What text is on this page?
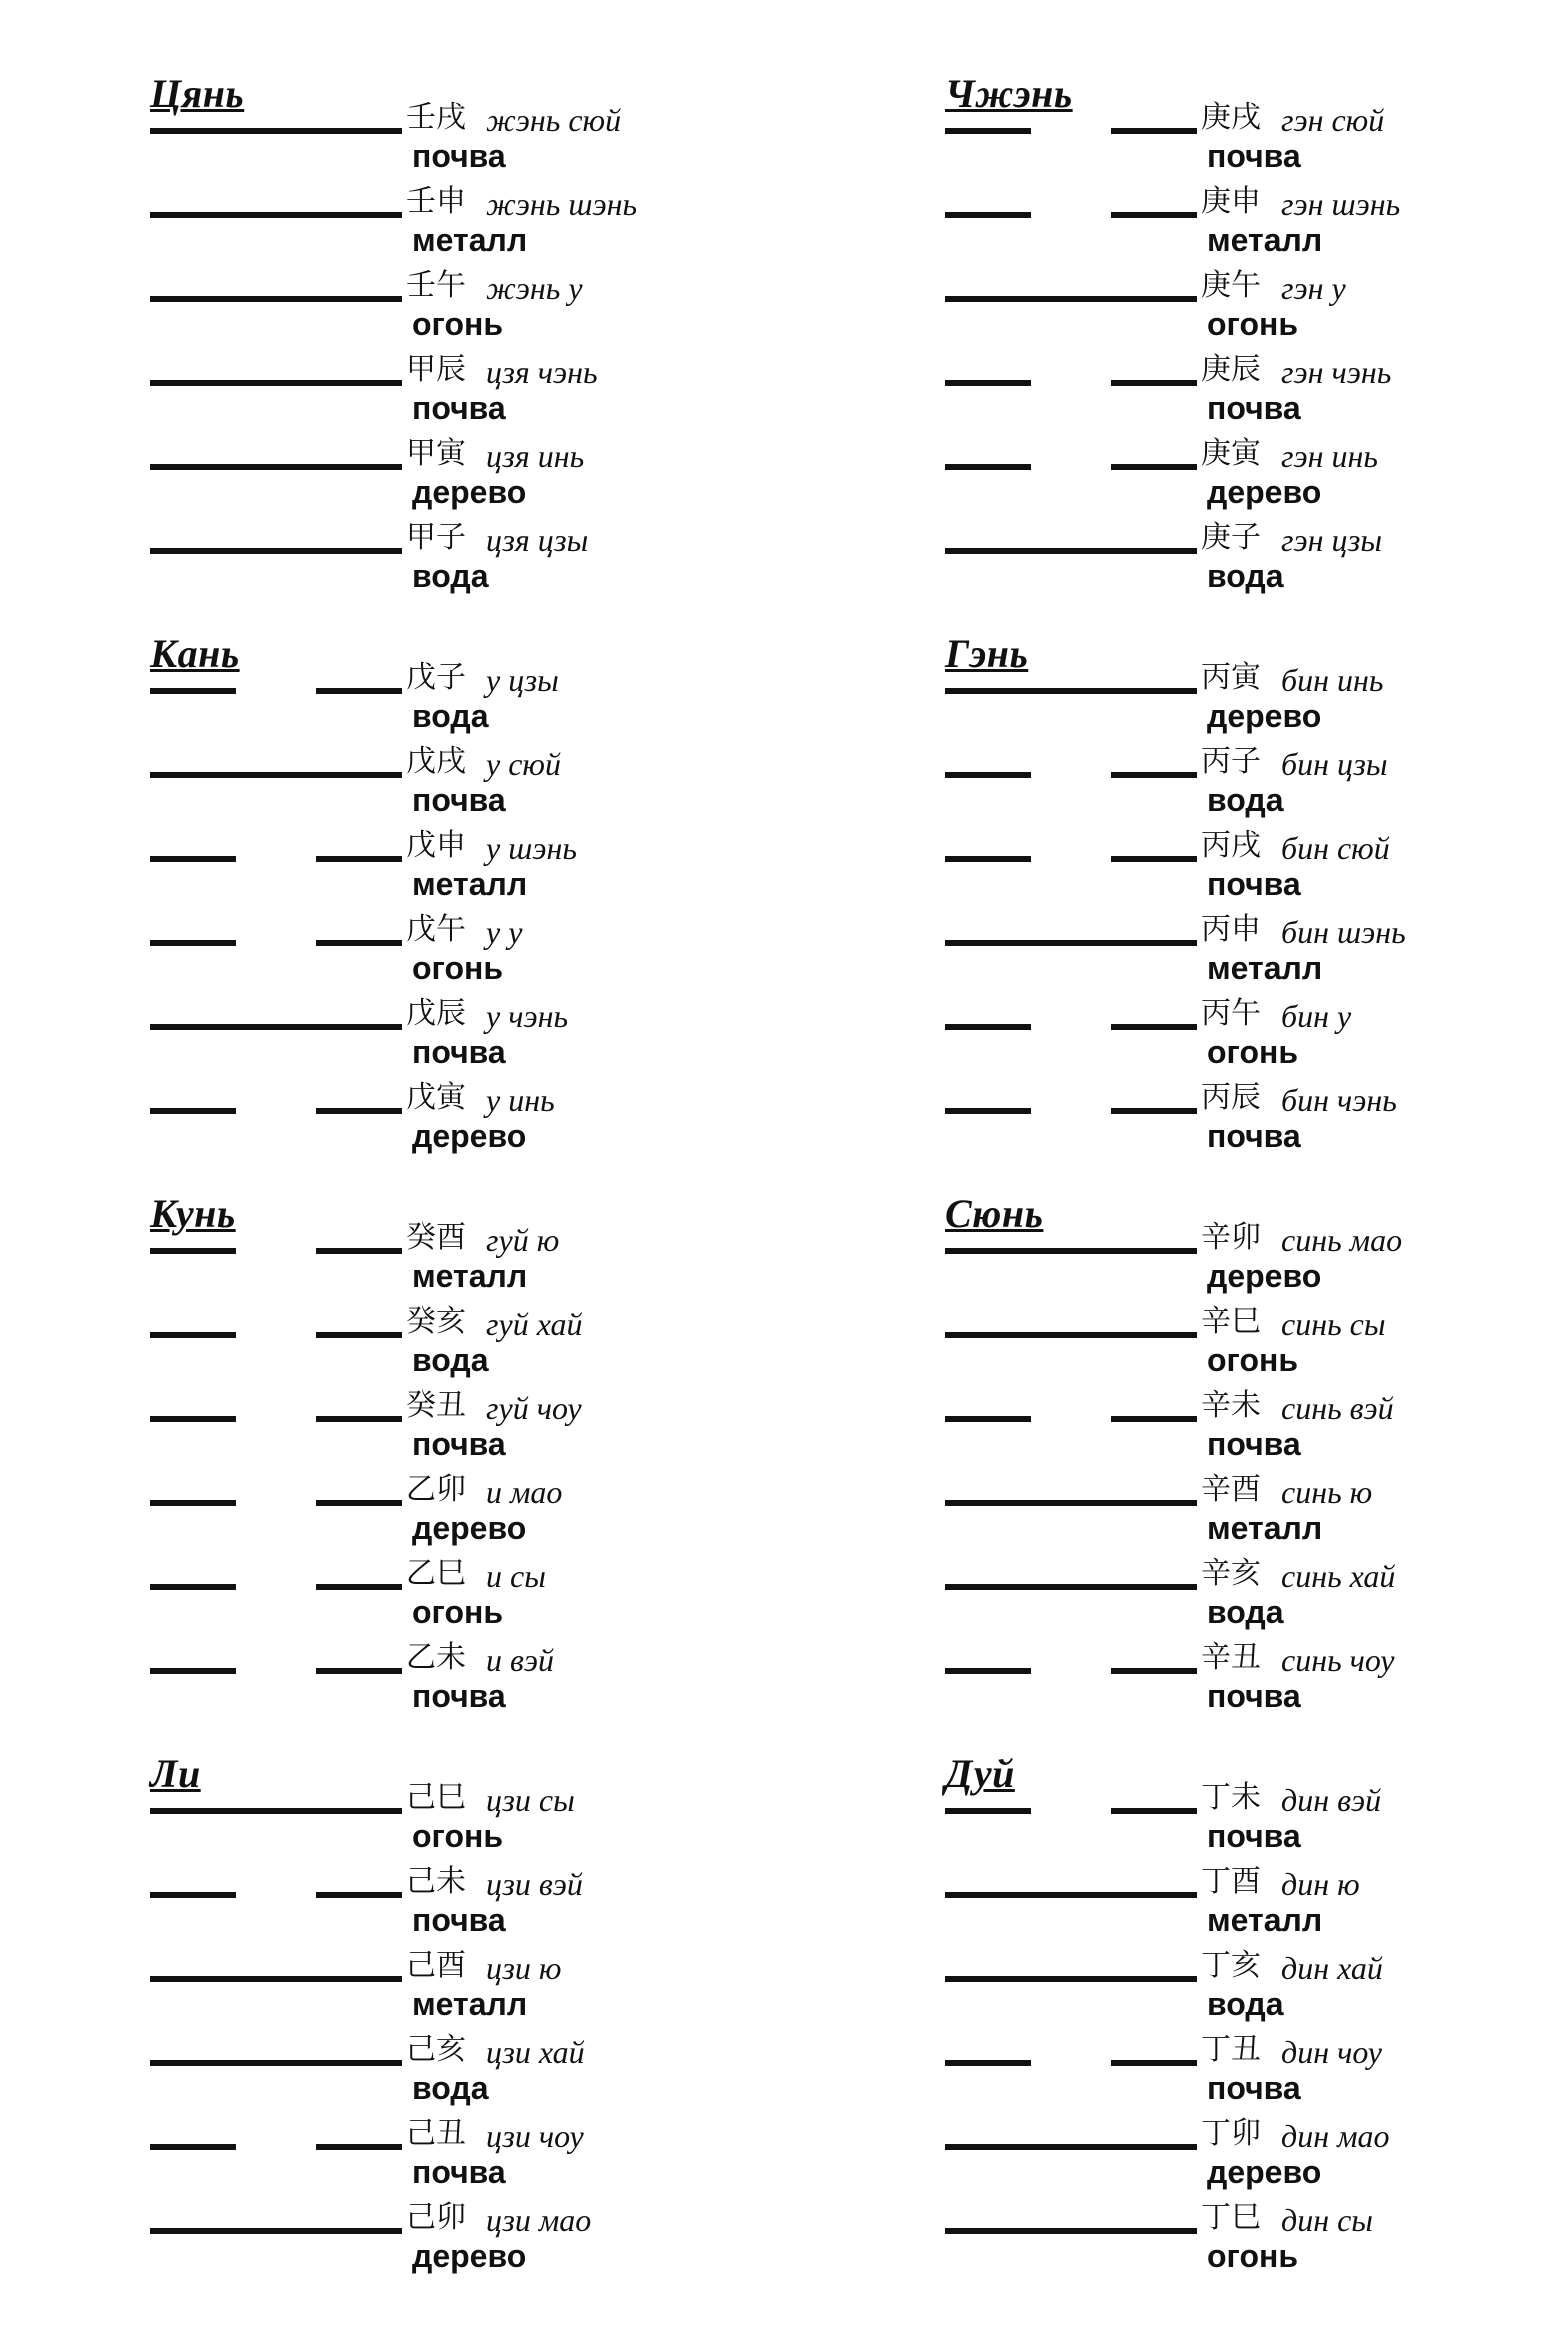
Цянь
壬戌 жэнь сюй
почва
壬申 жэнь шэнь
металл
壬午 жэнь у
огонь
甲辰 цзя чэнь
почва
甲寅 цзя инь
дерево
甲子 цзя цзы
вода
Чжэнь
庚戌 гэн сюй
почва
庚申 гэн шэнь
металл
庚午 гэн у
огонь
庚辰 гэн чэнь
почва
庚寅 гэн инь
дерево
庚子 гэн цзы
вода
Кань
戊子 у цзы
вода
戊戌 у сюй
почва
戊申 у шэнь
металл
戊午 у у
огонь
戊辰 у чэнь
почва
戊寅 у инь
дерево
Гэнь
丙寅 бин инь
дерево
丙子 бин цзы
вода
丙戌 бин сюй
почва
丙申 бин шэнь
металл
丙午 бин у
огонь
丙辰 бин чэнь
почва
Кунь
癸酉 гуй ю
металл
癸亥 гуй хай
вода
癸丑 гуй чоу
почва
乙卯 и мао
дерево
乙巳 и сы
огонь
乙未 и вэй
почва
Сюнь
辛卯 синь мао
дерево
辛巳 синь сы
огонь
辛未 синь вэй
почва
辛酉 синь ю
металл
辛亥 синь хай
вода
辛丑 синь чоу
почва
Ли
己巳 цзи сы
огонь
己未 цзи вэй
почва
己酉 цзи ю
металл
己亥 цзи хай
вода
己丑 цзи чоу
почва
己卯 цзи мао
дерево
Дуй
丁未 дин вэй
почва
丁酉 дин ю
металл
丁亥 дин хай
вода
丁丑 дин чоу
почва
丁卯 дин мао
дерево
丁巳 дин сы
огонь
